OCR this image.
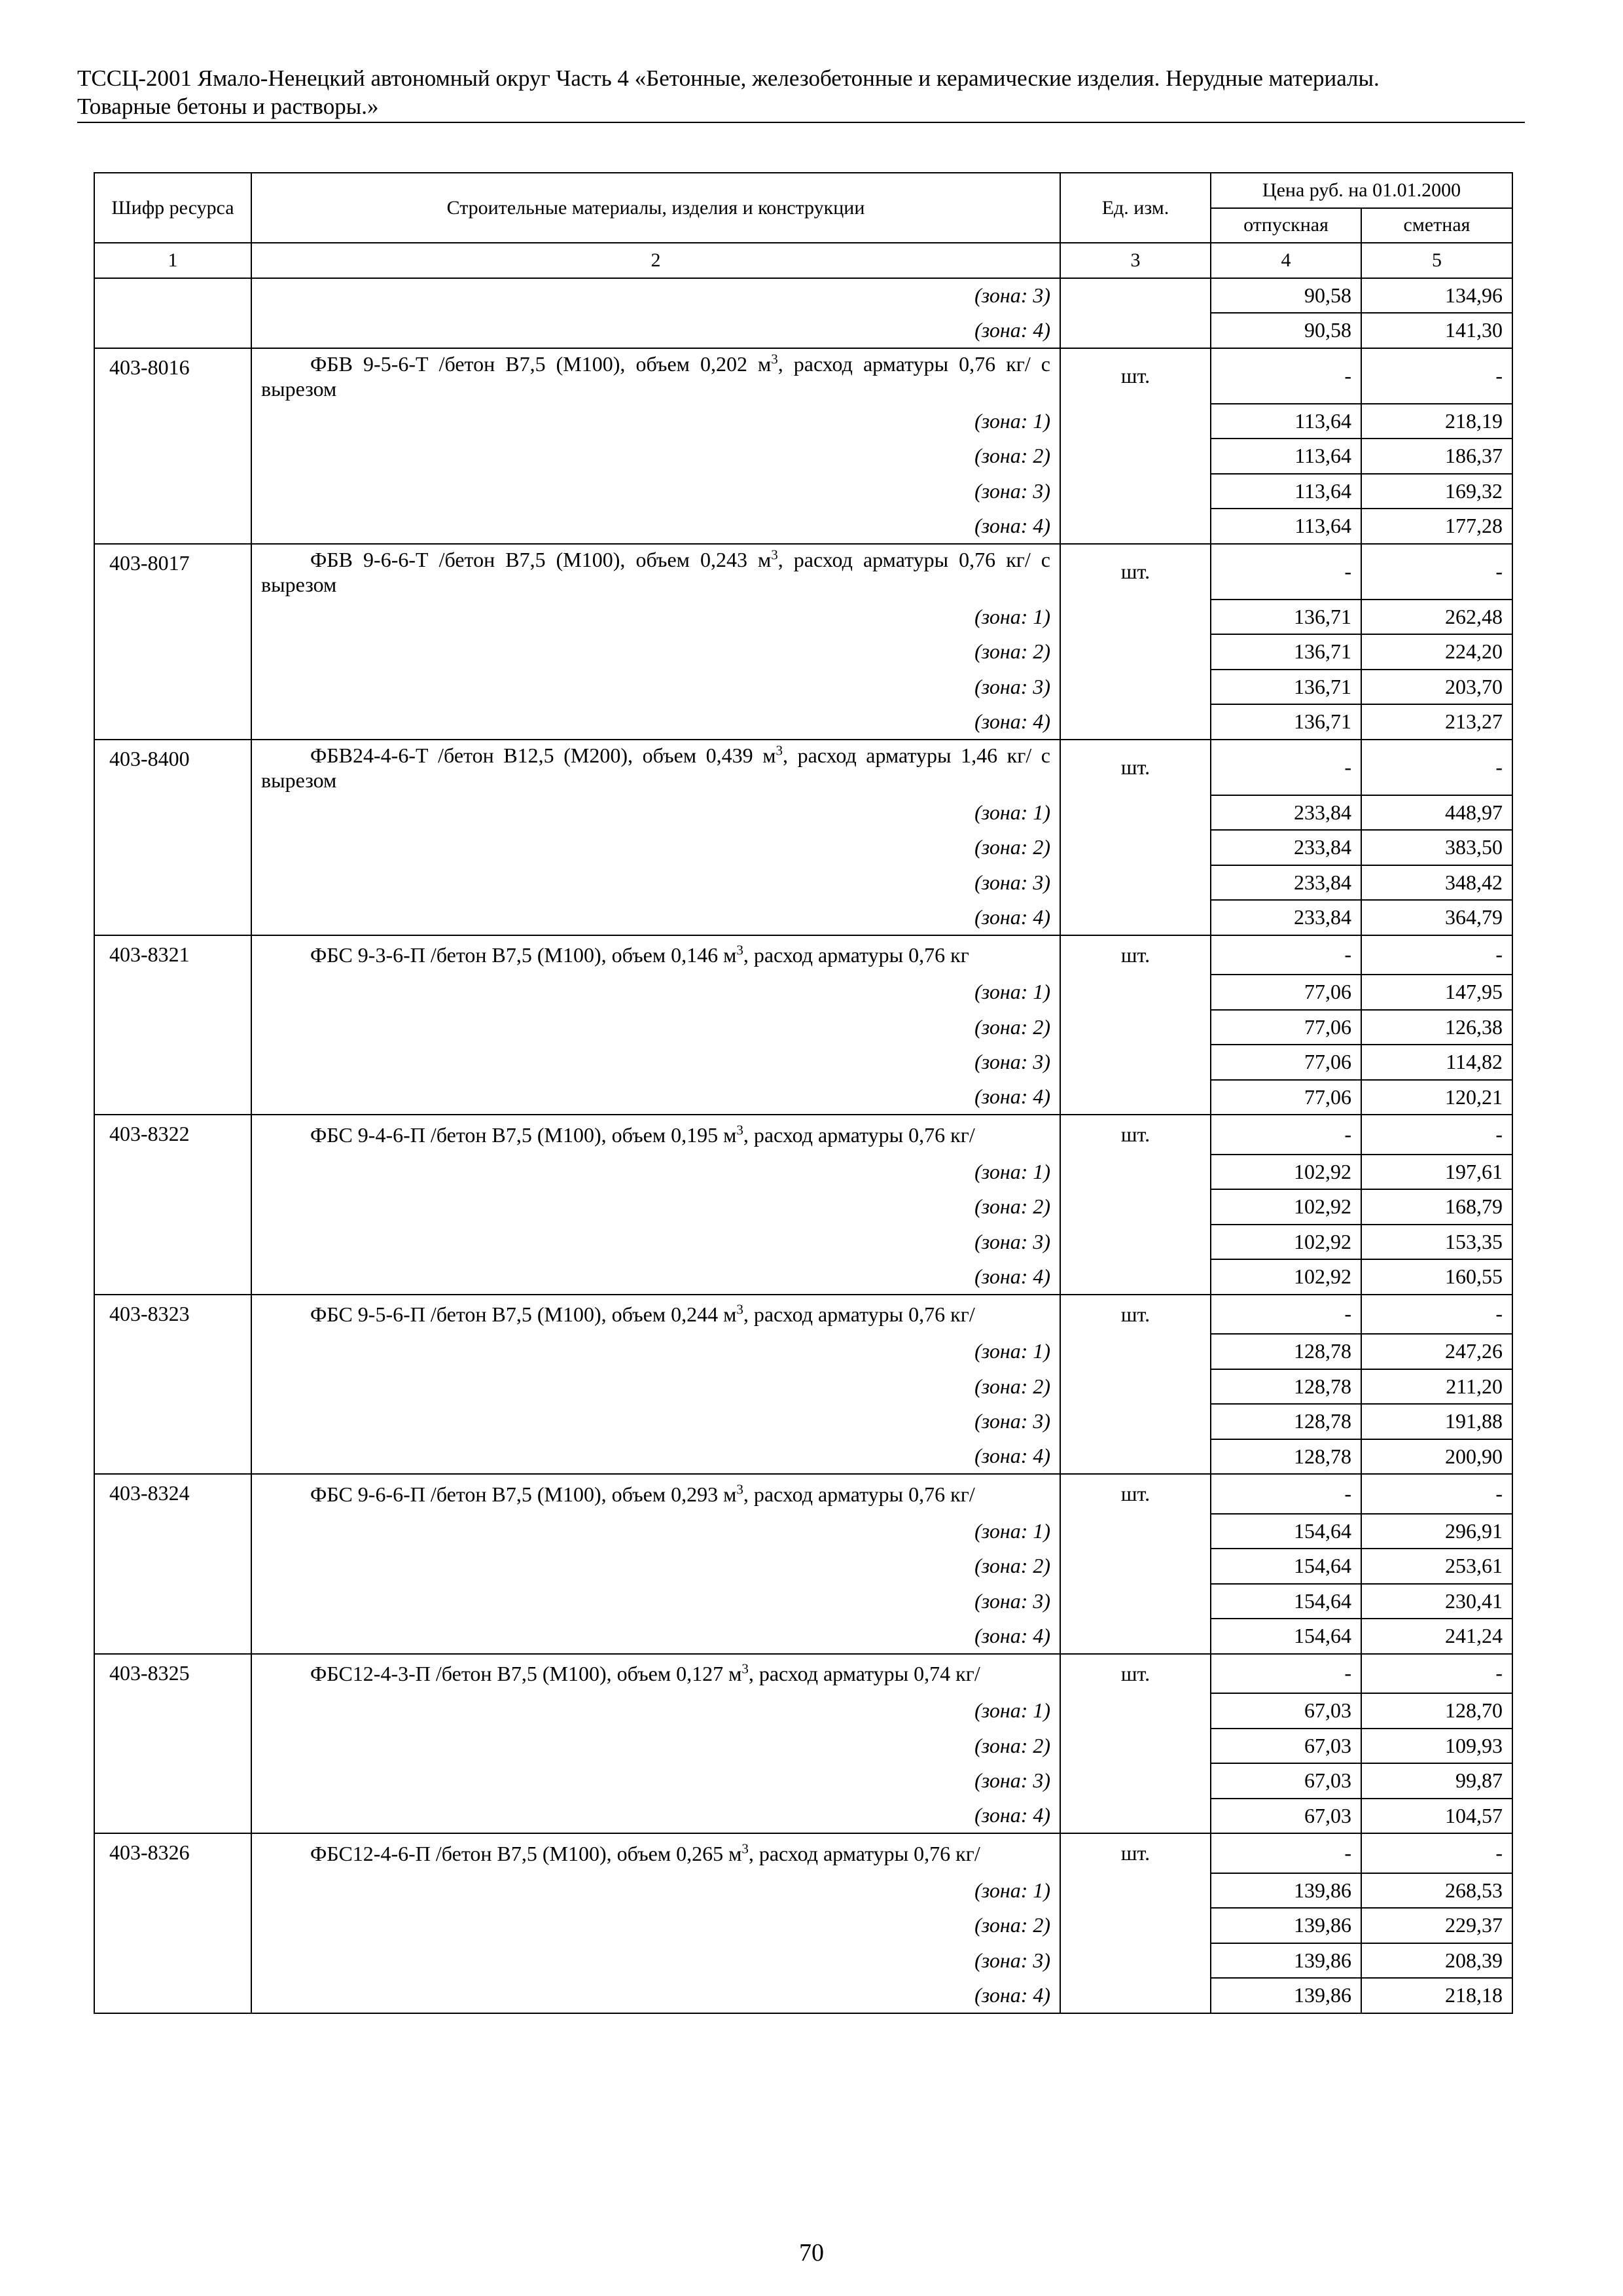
ТССЦ-2001 Ямало-Ненецкий автономный округ Часть 4 «Бетонные, железобетонные и керамические изделия. Нерудные материалы.
Товарные бетоны и растворы.»
Шифр ресурса	Строительные материалы, изделия и конструкции	Ед. изм.	Цена руб. на 01.01.2000	
			отпускная	сметная
1	2	3	4	5
	(зона: 3)		90,58	134,96
	(зона: 4)		90,58	141,30
403-8016	ФБВ 9-5-6-Т /бетон В7,5 (М100), объем 0,202 $м^3$, расход арматуры 0,76 кг/ с вырезом	шт.	-	-
	(зона: 1)		113,64	218,19
	(зона: 2)		113,64	186,37
	(зона: 3)		113,64	169,32
	(зона: 4)		113,64	177,28
403-8017	ФБВ 9-6-6-Т /бетон В7,5 (М100), объем 0,243 $м^3$, расход арматуры 0,76 кг/ с вырезом	шт.	-	-
	(зона: 1)		136,71	262,48
	(зона: 2)		136,71	224,20
	(зона: 3)		136,71	203,70
	(зона: 4)		136,71	213,27
403-8400	ФБВ24-4-6-Т /бетон В12,5 (М200), объем 0,439 $м^3$, расход арматуры 1,46 кг/ с вырезом	шт.	-	-
	(зона: 1)		233,84	448,97
	(зона: 2)		233,84	383,50
	(зона: 3)		233,84	348,42
	(зона: 4)		233,84	364,79
403-8321	ФБС 9-3-6-П /бетон В7,5 (М100), объем 0,146 $м^3$, расход арматуры 0,76 кг	шт.	-	-
	(зона: 1)		77,06	147,95
	(зона: 2)		77,06	126,38
	(зона: 3)		77,06	114,82
	(зона: 4)		77,06	120,21
403-8322	ФБС 9-4-6-П /бетон В7,5 (М100), объем 0,195 $м^3$, расход арматуры 0,76 кг/	шт.	-	-
	(зона: 1)		102,92	197,61
	(зона: 2)		102,92	168,79
	(зона: 3)		102,92	153,35
	(зона: 4)		102,92	160,55
403-8323	ФБС 9-5-6-П /бетон В7,5 (М100), объем 0,244 $м^3$, расход арматуры 0,76 кг/	шт.	-	-
	(зона: 1)		128,78	247,26
	(зона: 2)		128,78	211,20
	(зона: 3)		128,78	191,88
	(зона: 4)		128,78	200,90
403-8324	ФБС 9-6-6-П /бетон В7,5 (М100), объем 0,293 $м^3$, расход арматуры 0,76 кг/	шт.	-	-
	(зона: 1)		154,64	296,91
	(зона: 2)		154,64	253,61
	(зона: 3)		154,64	230,41
	(зона: 4)		154,64	241,24
403-8325	ФБС12-4-3-П /бетон В7,5 (М100), объем 0,127 $м^3$, расход арматуры 0,74 кг/	шт.	-	-
	(зона: 1)		67,03	128,70
	(зона: 2)		67,03	109,93
	(зона: 3)		67,03	99,87
	(зона: 4)		67,03	104,57
403-8326	ФБС12-4-6-П /бетон В7,5 (М100), объем 0,265 $м^3$, расход арматуры 0,76 кг/	шт.	-	-
	(зона: 1)		139,86	268,53
	(зона: 2)		139,86	229,37
	(зона: 3)		139,86	208,39
	(зона: 4)		139,86	218,18
70
